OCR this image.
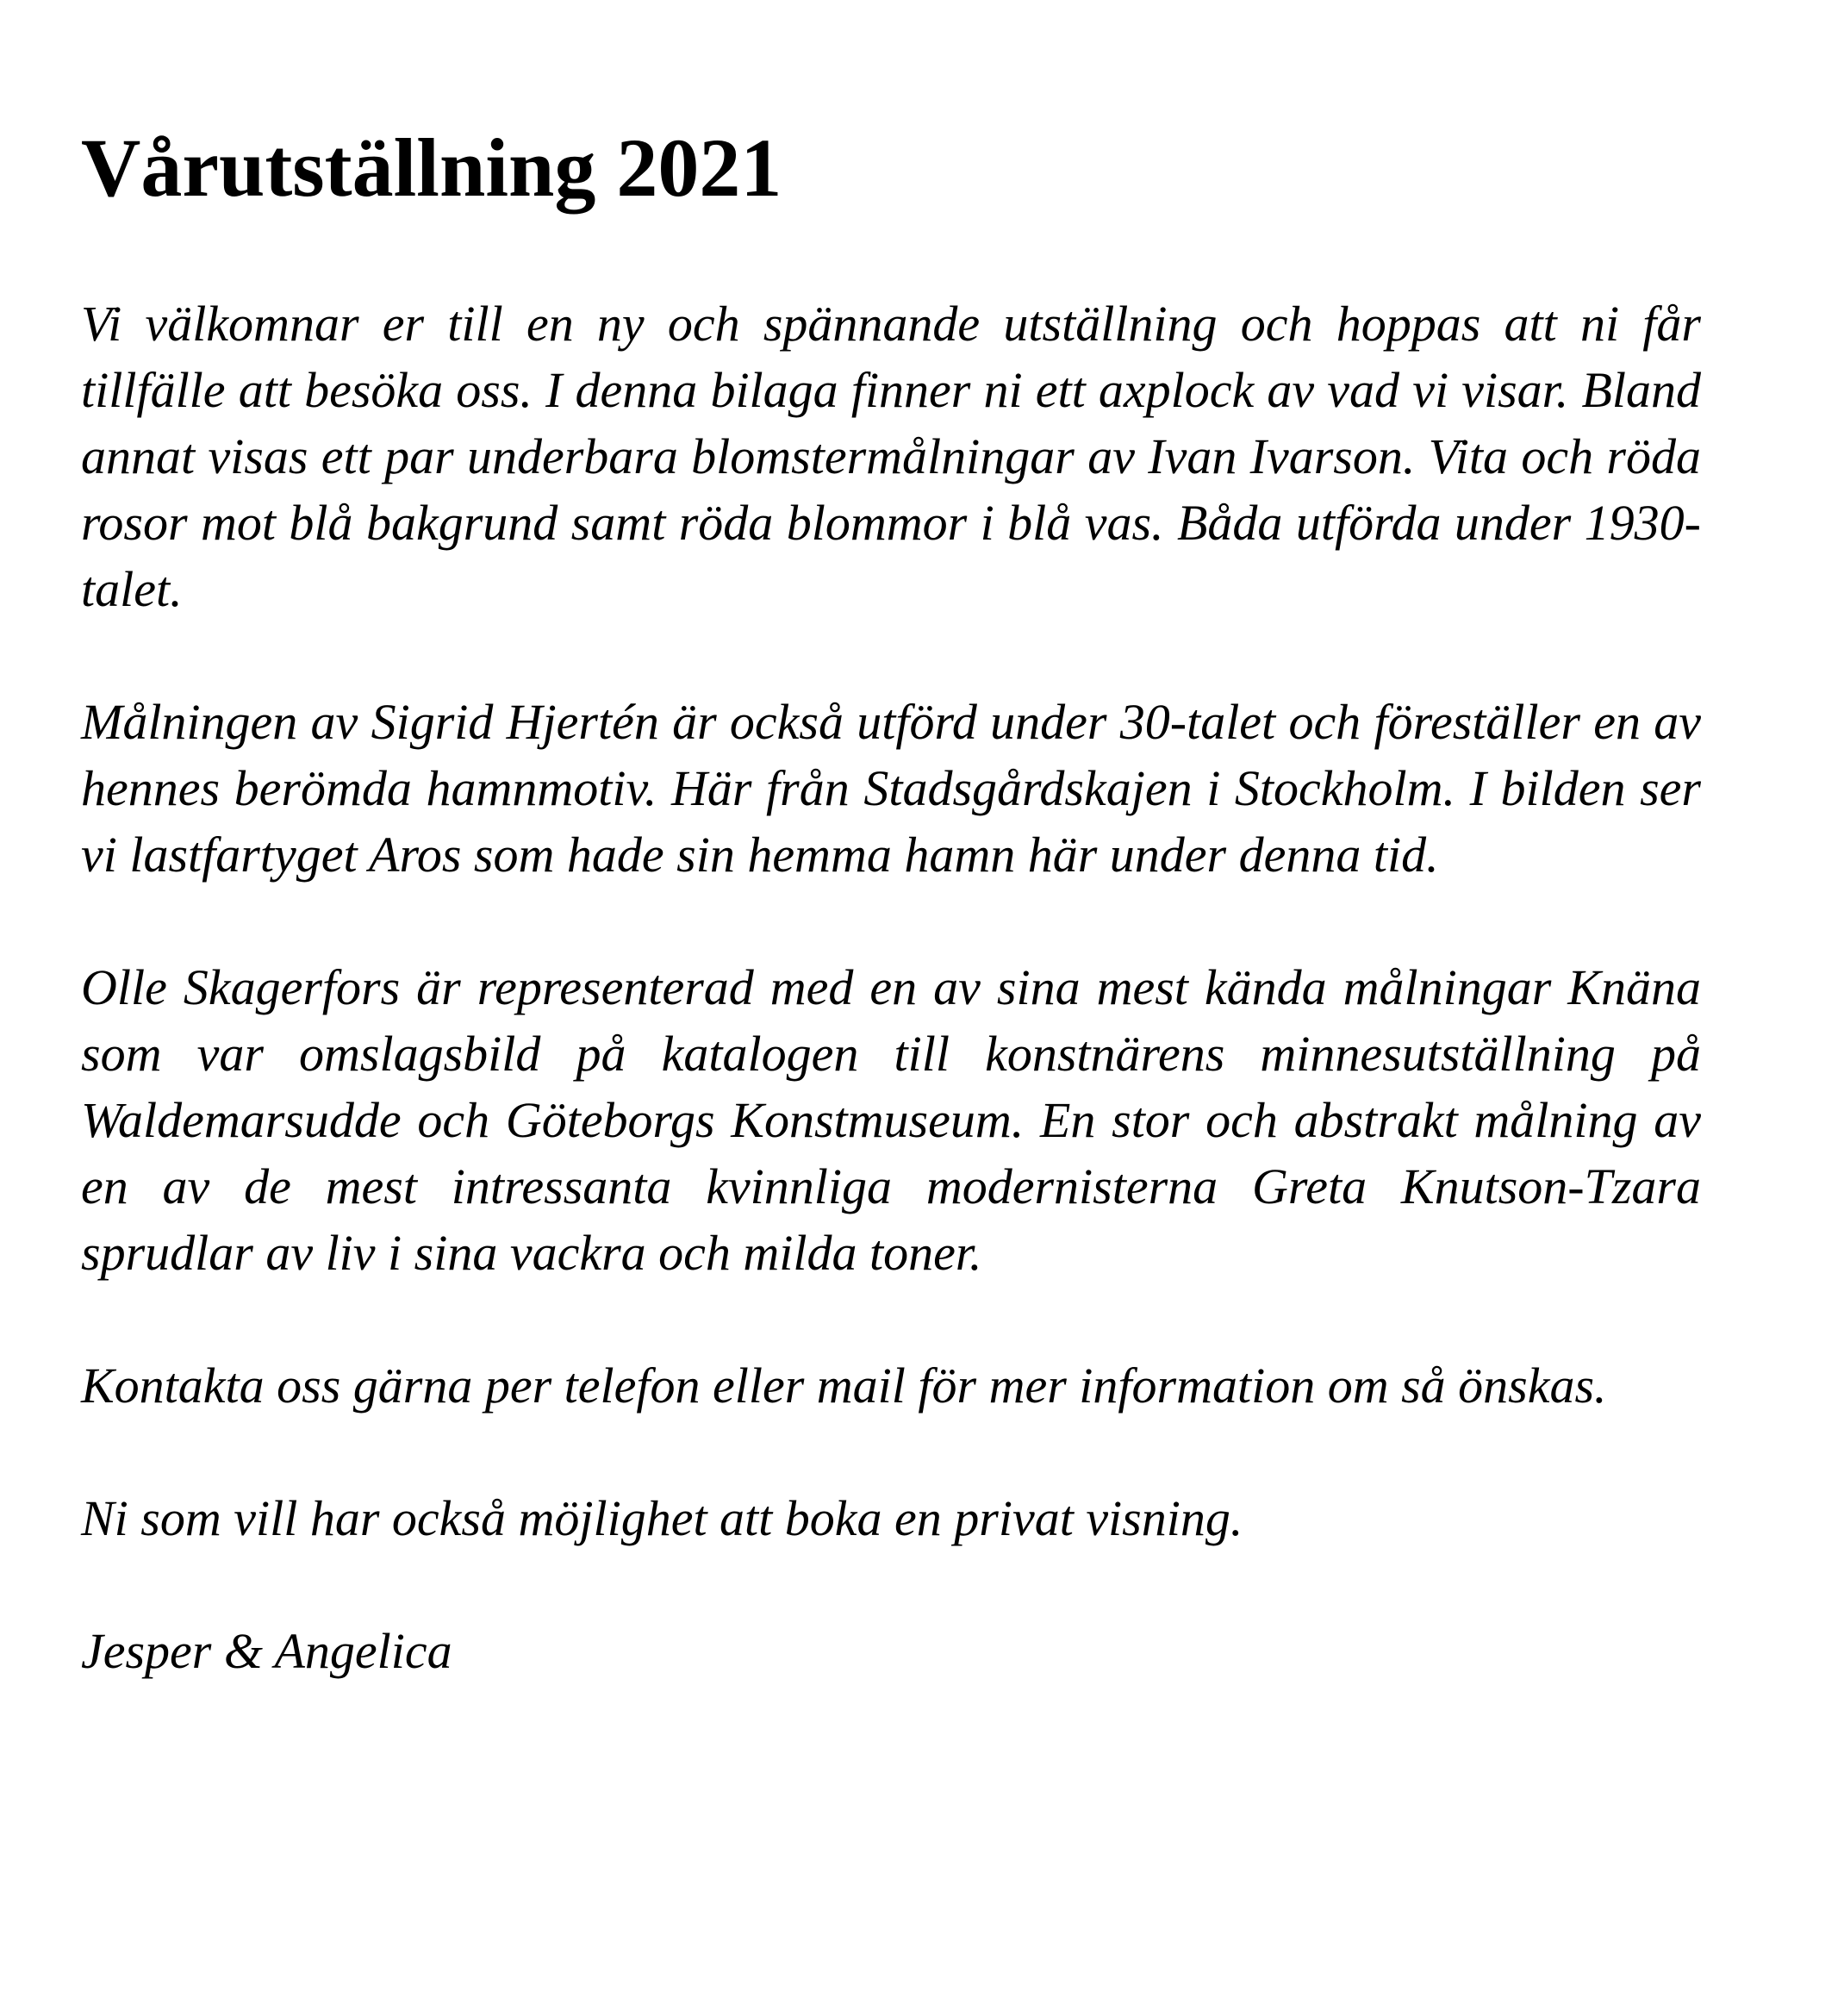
Vårutställning 2021

Vi välkomnar er till en ny och spännande utställning och hoppas att ni får tillfälle att besöka oss. I denna bilaga finner ni ett axplock av vad vi visar. Bland annat visas ett par underbara blomstermålningar av Ivan Ivarson. Vita och röda rosor mot blå bakgrund samt röda blommor i blå vas. Båda utförda under 1930-talet.

Målningen av Sigrid Hjertén är också utförd under 30-talet och föreställer en av hennes berömda hamnmotiv. Här från Stadsgårdskajen i Stockholm. I bilden ser vi lastfartyget Aros som hade sin hemma hamn här under denna tid.

Olle Skagerfors är representerad med en av sina mest kända målningar Knäna som var omslagsbild på katalogen till konstnärens minnesutställning på Waldemarsudde och Göteborgs Konstmuseum. En stor och abstrakt målning av en av de mest intressanta kvinnliga modernisterna Greta Knutson-Tzara sprudlar av liv i sina vackra och milda toner.

Kontakta oss gärna per telefon eller mail för mer information om så önskas.

Ni som vill har också möjlighet att boka en privat visning.

Jesper & Angelica
